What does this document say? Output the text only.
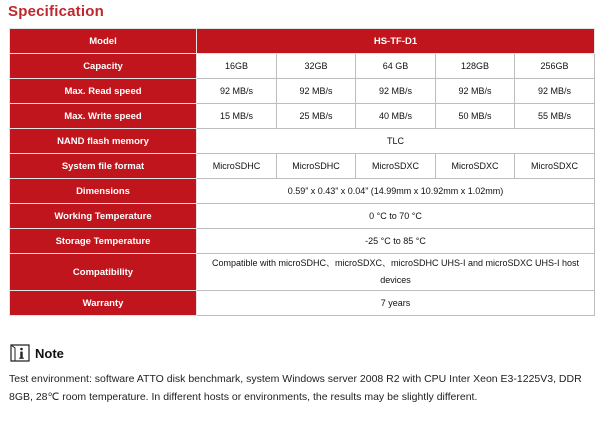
Specification
Model	HS-TF-D1				
Capacity	16GB	32GB	64 GB	128GB	256GB
Max. Read speed	92 MB/s	92 MB/s	92 MB/s	92 MB/s	92 MB/s
Max. Write speed	15 MB/s	25 MB/s	40 MB/s	50 MB/s	55 MB/s
NAND flash memory	TLC				
System file format	MicroSDHC	MicroSDHC	MicroSDXC	MicroSDXC	MicroSDXC
Dimensions	0.59” x 0.43” x 0.04” (14.99mm x 10.92mm x 1.02mm)				
Working Temperature	0 °C to 70 °C				
Storage Temperature	-25 °C to 85 °C				
Compatibility	Compatible with microSDHC、microSDXC、microSDHC UHS-I and microSDXC UHS-I host devices				
Warranty	7 years				
Note
Test environment: software ATTO disk benchmark, system Windows server 2008 R2 with CPU Inter Xeon E3-1225V3, DDR 8GB, 28℃ room temperature. In different hosts or environments, the results may be slightly different.
